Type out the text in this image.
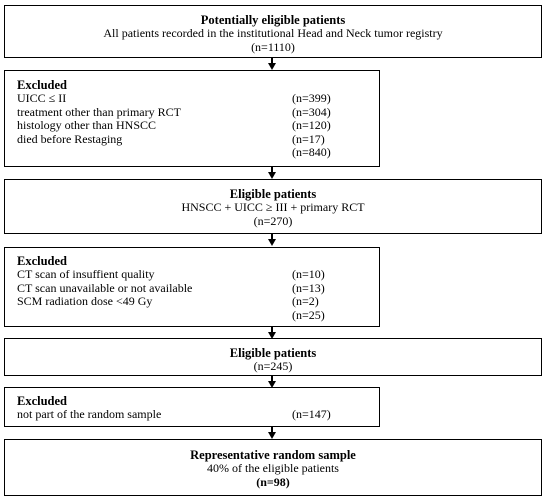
Potentially eligible patients
All patients recorded in the institutional Head and Neck tumor registry
(n=1110)
Excluded
UICC ≤ II	(n=399)
treatment other than primary RCT	(n=304)
histology other than HNSCC	(n=120)
died before Restaging	(n=17)
(n=840)
Eligible patients
HNSCC + UICC ≥ III + primary RCT
(n=270)
Excluded
CT scan of insuffient quality	(n=10)
CT scan unavailable or not available	(n=13)
SCM radiation dose <49 Gy	(n=2)
(n=25)
Eligible patients
(n=245)
Excluded
not part of the random sample	(n=147)
Representative random sample
40% of the eligible patients
(n=98)
